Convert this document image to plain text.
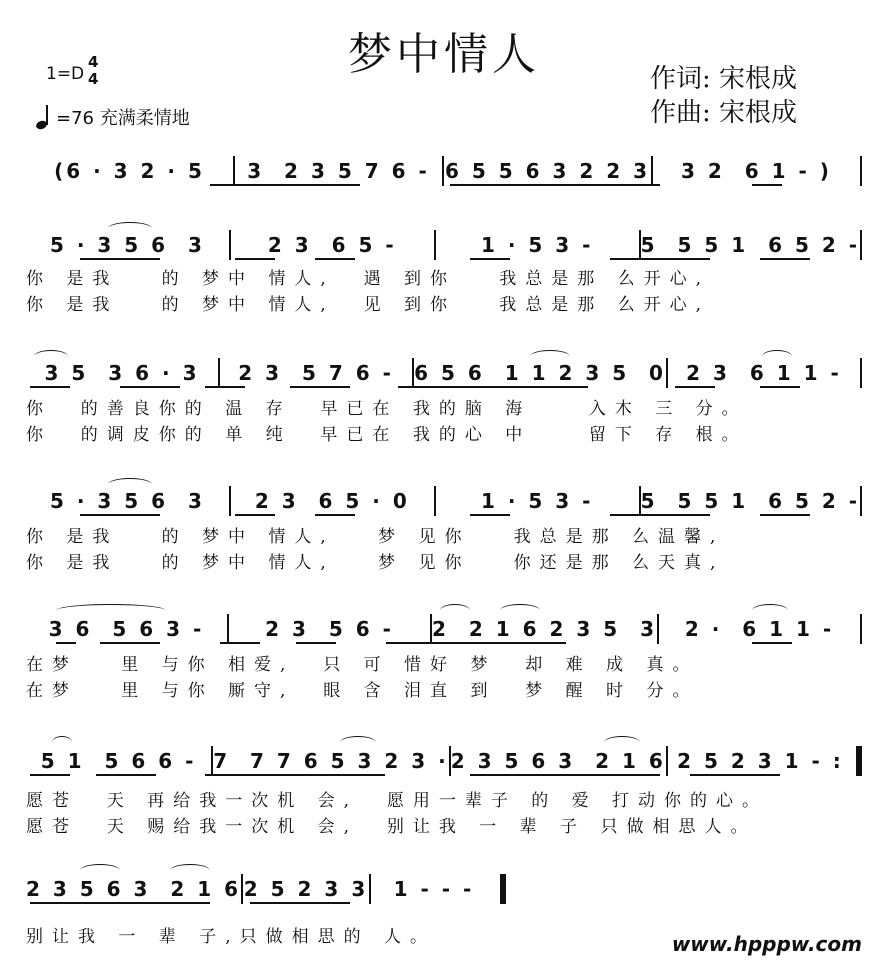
梦中情人
1=D
4
4
=76 充满柔情地
作词: 宋根成
作曲: 宋根成
(6 · 3 2 · 5	3  2 3 5 7 6 - 6 5 5 6 3 2 2 3	3 2  6 1 - )
5 · 3 5 6  3	2 3  6 5 -	1 · 5 3 -	5  5 5 1  6 5 2 -
你 是我   的 梦中 情人,  遇 到你   我总是那 么开心,
你 是我   的 梦中 情人,  见 到你   我总是那 么开心,
3 5  3 6 · 3	2 3  5 7 6 -	6 5 6  1 1 2 3 5  0	2 3  6 1 1 -
你  的善良你的 温 存  早已在 我的脑 海    入木 三 分。
你  的调皮你的 单 纯  早已在 我的心 中    留下 存 根。
5 · 3 5 6  3	2 3  6 5 · 0	1 · 5 3 -	5  5 5 1  6 5 2 -
你 是我   的 梦中 情人,   梦 见你   我总是那 么温馨,
你 是我   的 梦中 情人,   梦 见你   你还是那 么天真,
3 6  5 6 3 -	2 3  5 6 -	2  2 1 6 2 3 5  3	2 ·  6 1 1 -
在梦   里 与你 相爱,  只 可 惜好 梦  却 难 成 真。
在梦   里 与你 厮守,  眼 含 泪直 到  梦 醒 时 分。
5 1  5 6 6 - 7  7 7 6 5 3 2 3 · 2 3 5 6 3  2 1 6 2 5 2 3 1 - :
愿苍  天 再给我一次机 会,  愿用一辈子 的 爱 打动你的心。
愿苍  天 赐给我一次机 会,  别让我 一 辈 子 只做相思人。
2 3 5 6 3  2 1 6 2 5 2 3 3	1 - - -
别让我 一 辈 子,只做相思的 人。	www.hpppw.com
